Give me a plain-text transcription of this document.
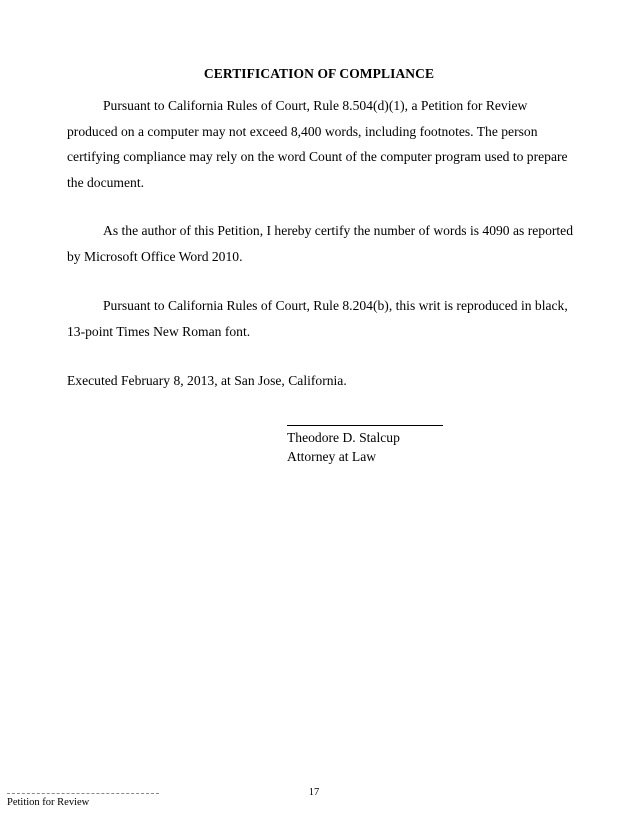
CERTIFICATION OF COMPLIANCE
Pursuant to California Rules of Court, Rule 8.504(d)(1), a Petition for Review
produced on a computer may not exceed 8,400 words, including footnotes. The person
certifying compliance may rely on the word Count of the computer program used to prepare
the document.
As the author of this Petition, I hereby certify the number of words is 4090 as reported
by Microsoft Office Word 2010.
Pursuant to California Rules of Court, Rule 8.204(b), this writ is reproduced in black,
13-point Times New Roman font.
Executed February 8, 2013, at San Jose, California.
Theodore D. Stalcup
Attorney at Law
17
Petition for Review
